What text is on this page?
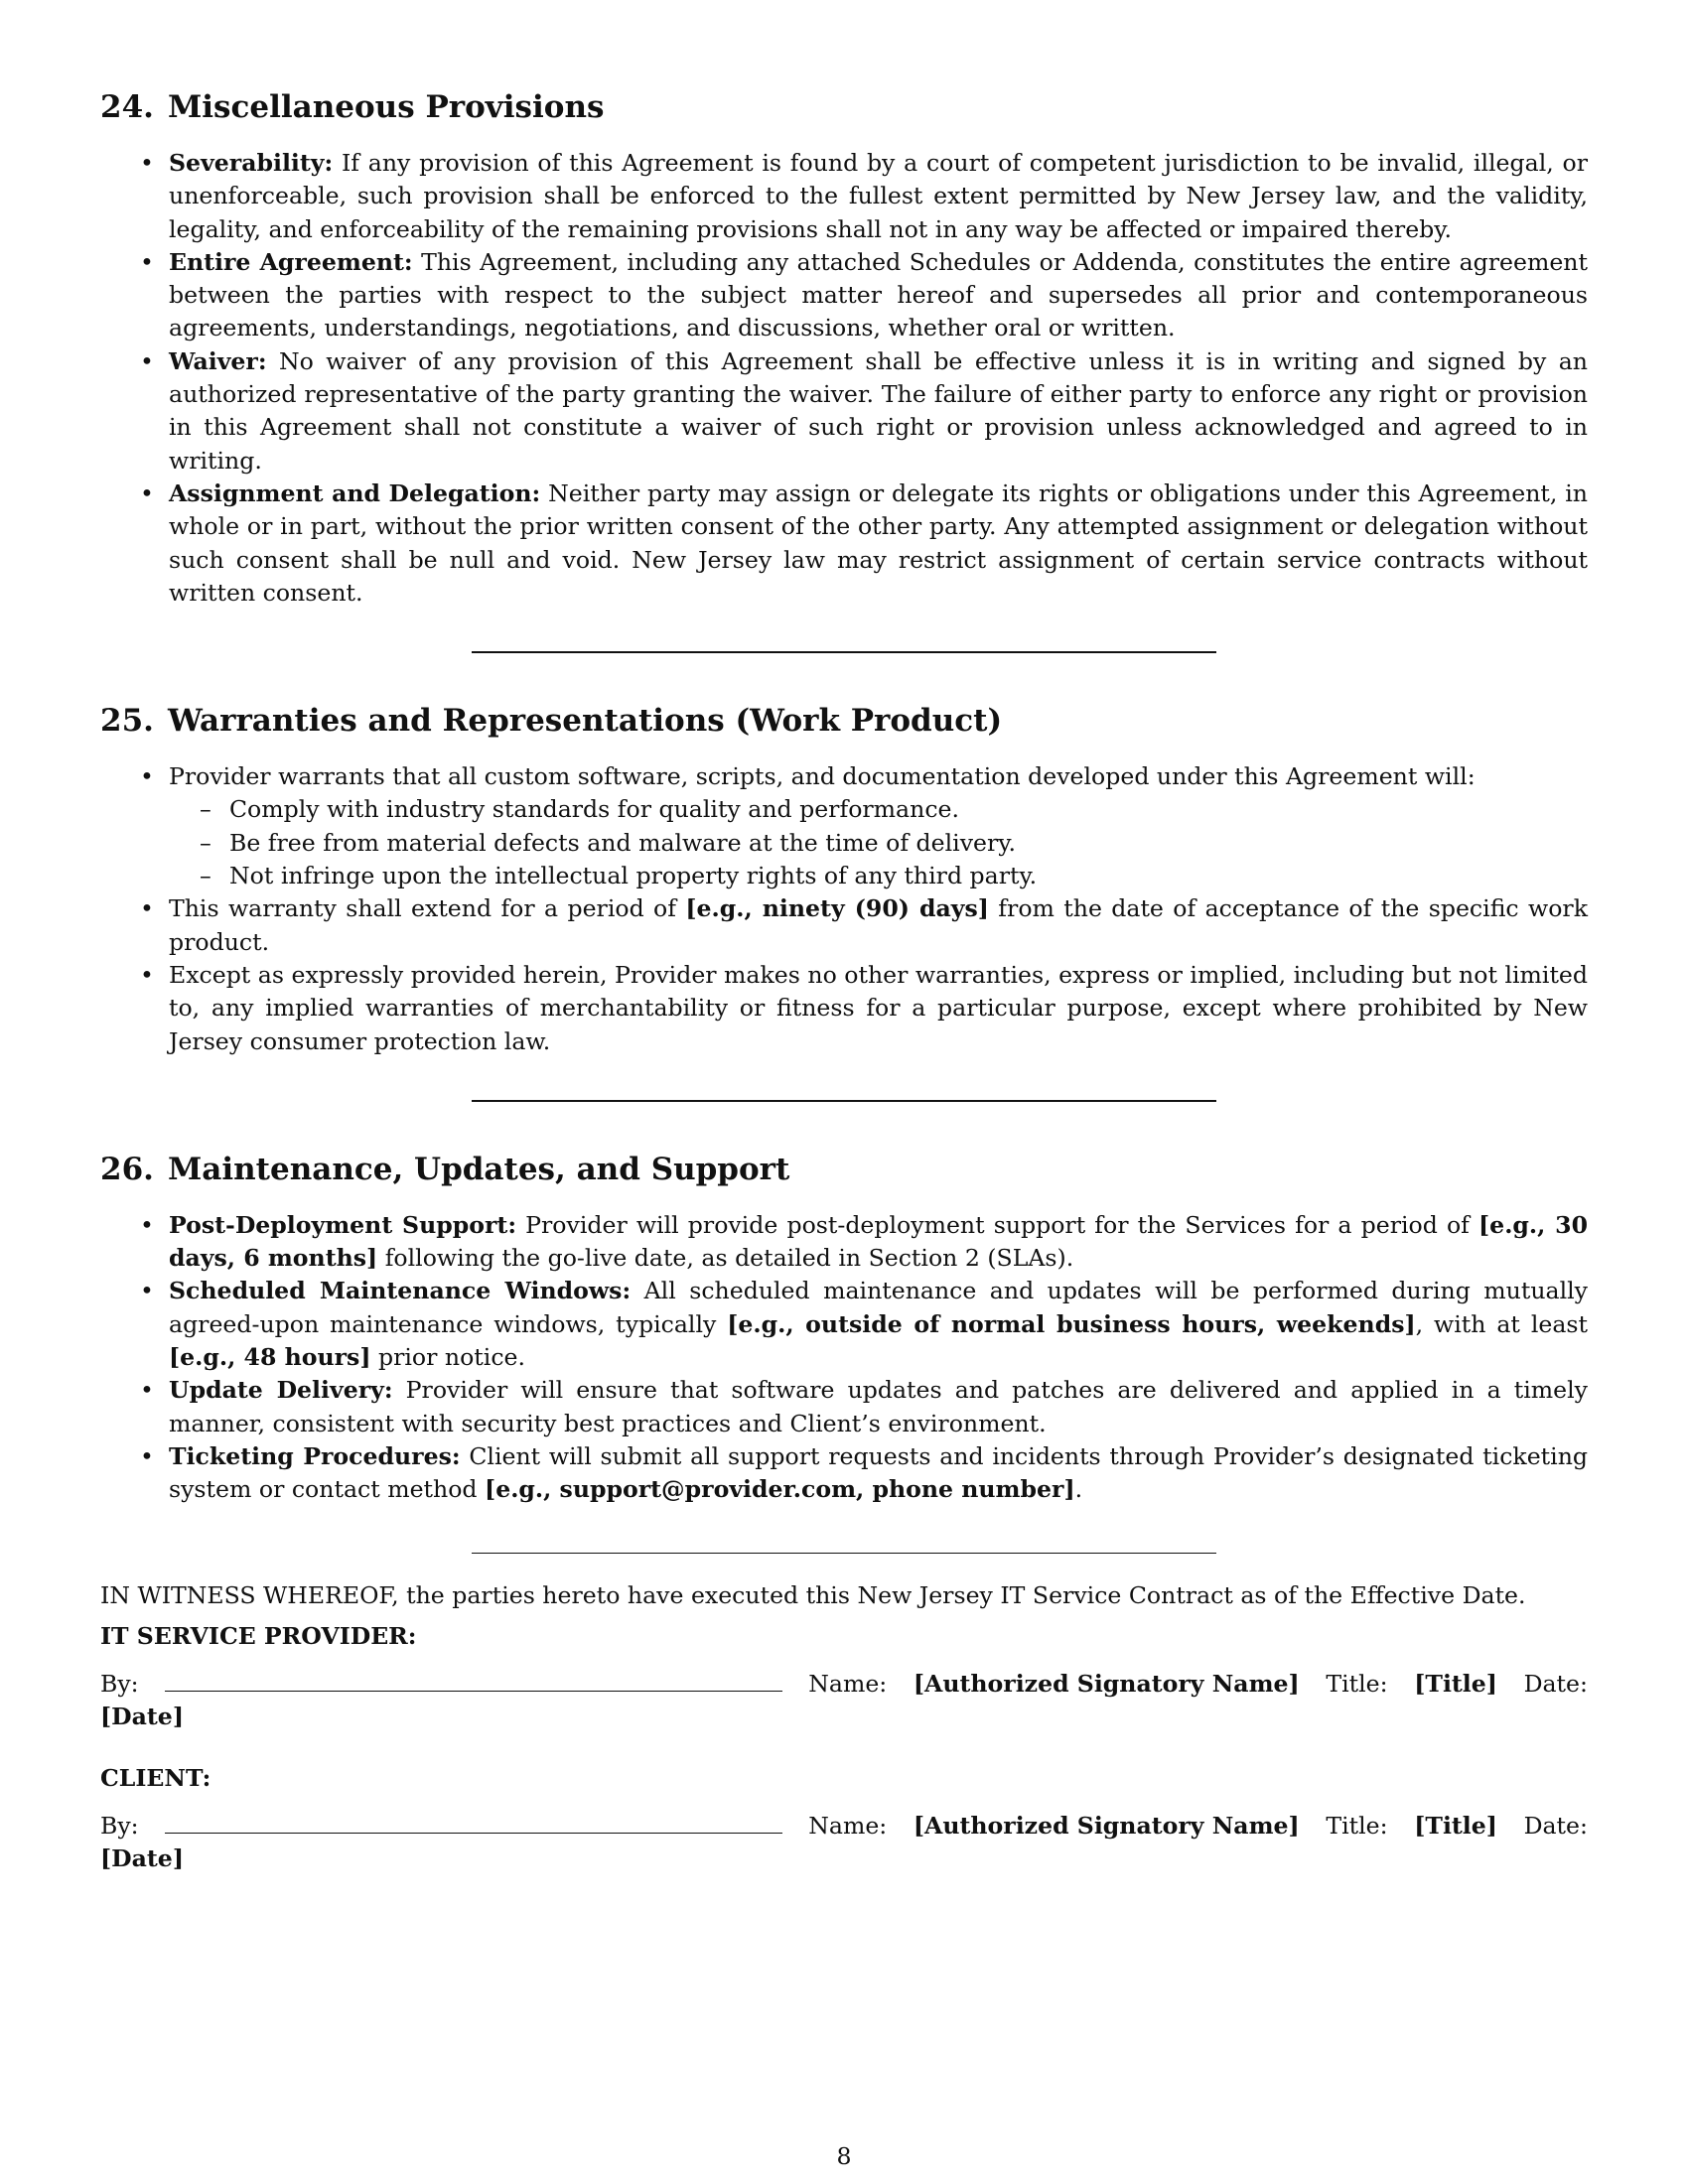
24. Miscellaneous Provisions
• Severability: If any provision of this Agreement is found by a court of competent jurisdiction to be invalid, illegal, or unenforceable, such provision shall be enforced to the fullest extent permitted by New Jersey law, and the validity, legality, and enforceability of the remaining provisions shall not in any way be affected or impaired thereby.
• Entire Agreement: This Agreement, including any attached Schedules or Addenda, constitutes the entire agreement between the parties with respect to the subject matter hereof and supersedes all prior and contemporaneous agreements, understandings, negotiations, and discussions, whether oral or written.
• Waiver: No waiver of any provision of this Agreement shall be effective unless it is in writing and signed by an authorized representative of the party granting the waiver. The failure of either party to enforce any right or provision in this Agreement shall not constitute a waiver of such right or provision unless acknowledged and agreed to in writing.
• Assignment and Delegation: Neither party may assign or delegate its rights or obligations under this Agreement, in whole or in part, without the prior written consent of the other party. Any attempted assignment or delegation without such consent shall be null and void. New Jersey law may restrict assignment of certain service contracts without written consent.
25. Warranties and Representations (Work Product)
• Provider warrants that all custom software, scripts, and documentation developed under this Agreement will:
– Comply with industry standards for quality and performance.
– Be free from material defects and malware at the time of delivery.
– Not infringe upon the intellectual property rights of any third party.
• This warranty shall extend for a period of [e.g., ninety (90) days] from the date of acceptance of the specific work product.
• Except as expressly provided herein, Provider makes no other warranties, express or implied, including but not limited to, any implied warranties of merchantability or fitness for a particular purpose, except where prohibited by New Jersey consumer protection law.
26. Maintenance, Updates, and Support
• Post-Deployment Support: Provider will provide post-deployment support for the Services for a period of [e.g., 30 days, 6 months] following the go-live date, as detailed in Section 2 (SLAs).
• Scheduled Maintenance Windows: All scheduled maintenance and updates will be performed during mutually agreed-upon maintenance windows, typically [e.g., outside of normal business hours, weekends], with at least [e.g., 48 hours] prior notice.
• Update Delivery: Provider will ensure that software updates and patches are delivered and applied in a timely manner, consistent with security best practices and Client’s environment.
• Ticketing Procedures: Client will submit all support requests and incidents through Provider’s designated ticketing system or contact method [e.g., support@provider.com, phone number].

IN WITNESS WHEREOF, the parties hereto have executed this New Jersey IT Service Contract as of the Effective Date.

IT SERVICE PROVIDER:

By:	Name: [Authorized Signatory Name] Title: [Title] Date:
[Date]

CLIENT:

By:	Name: [Authorized Signatory Name] Title: [Title] Date:
[Date]
8
